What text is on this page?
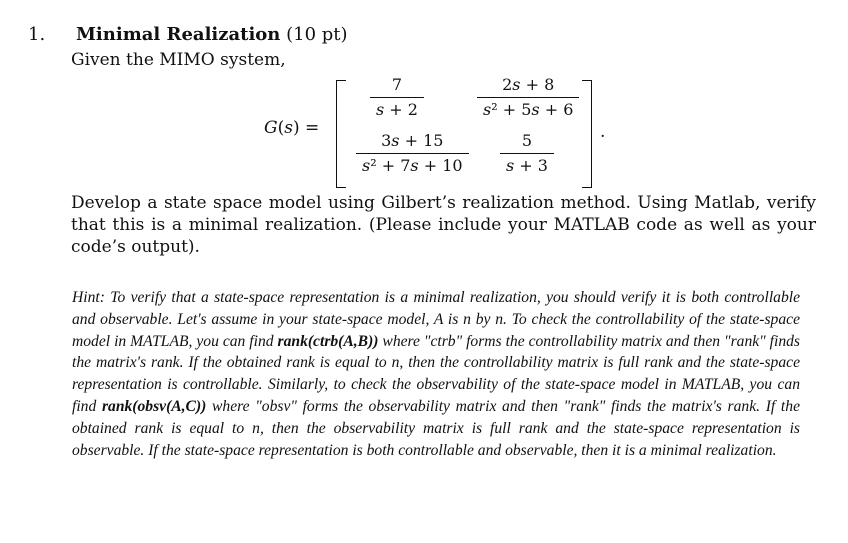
1. Minimal Realization (10 pt)

Given the MIMO system,

G(s) =
$\frac{7}{s + 2}$	$\frac{2s + 8}{\text{s² + 5s + 6}}$
$\frac{3s + 15}{\text{s² + 7s + 10}} \frac{5}{s + 3}$	.

Develop a state space model using Gilbert’s realization method. Using Matlab, verify that this is a minimal realization. (Please include your MATLAB code as well as your code’s output).

Hint: To verify that a state-space representation is a minimal realization, you should verify it is both controllable and observable. Let's assume in your state-space model, A is n by n. To check the controllability of the state-space model in MATLAB, you can find rank(ctrb(A,B)) where "ctrb" forms the controllability matrix and then "rank" finds the matrix's rank. If the obtained rank is equal to n, then the controllability matrix is full rank and the state-space representation is controllable. Similarly, to check the observability of the state-space model in MATLAB, you can find rank(obsv(A,C)) where "obsv" forms the observability matrix and then "rank" finds the matrix's rank. If the obtained rank is equal to n, then the observability matrix is full rank and the state-space representation is observable. If the state-space representation is both controllable and observable, then it is a minimal realization.
